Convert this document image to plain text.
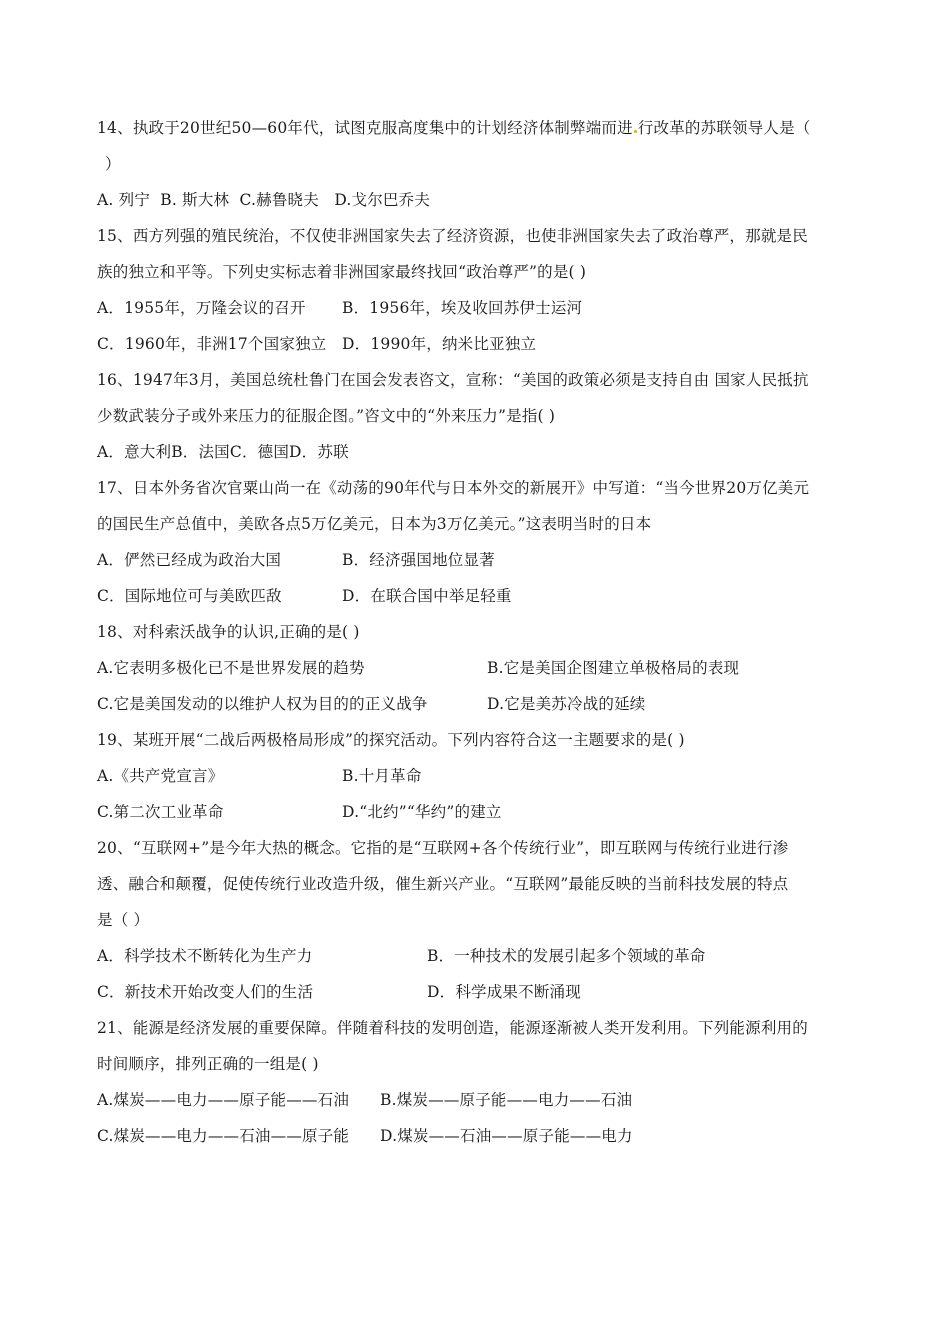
14、执政于20世纪50—60年代，试图克服高度集中的计划经济体制弊端而进 行改革的苏联领导人是（
）
A. 列宁  B. 斯大林  C.赫鲁晓夫   D.戈尔巴乔夫
15、西方列强的殖民统治，不仅使非洲国家失去了经济资源，也使非洲国家失去了政治尊严，那就是民
族的独立和平等。下列史实标志着非洲国家最终找回“政治尊严”的是( )
A．1955年，万隆会议的召开 B．1956年，埃及收回苏伊士运河
C．1960年，非洲17个国家独立 D．1990年，纳米比亚独立
16、1947年3月，美国总统杜鲁门在国会发表咨文，宣称：“美国的政策必须是支持自由 国家人民抵抗
少数武装分子或外来压力的征服企图。”咨文中的“外来压力”是指( )
A．意大利B．法国C．德国D．苏联
17、日本外务省次官粟山尚一在《动荡的90年代与日本外交的新展开》中写道：“当今世界20万亿美元
的国民生产总值中，美欧各点5万亿美元，日本为3万亿美元。”这表明当时的日本
A．俨然已经成为政治大国	B．经济强国地位显著
C．国际地位可与美欧匹敌	D．在联合国中举足轻重
18、对科索沃战争的认识,正确的是( )
A.它表明多极化已不是世界发展的趋势	B.它是美国企图建立单极格局的表现
C.它是美国发动的以维护人权为目的的正义战争	D.它是美苏冷战的延续
19、某班开展“二战后两极格局形成”的探究活动。下列内容符合这一主题要求的是( )
A.《共产党宣言》	B.十月革命
C.第二次工业革命	D.“北约”“华约”的建立
20、“互联网+”是今年大热的概念。它指的是“互联网+各个传统行业”，即互联网与传统行业进行渗
透、融合和颠覆，促使传统行业改造升级，催生新兴产业。“互联网”最能反映的当前科技发展的特点
是（ ）
A．科学技术不断转化为生产力	B．一种技术的发展引起多个领域的革命
C．新技术开始改变人们的生活	D．科学成果不断涌现
21、能源是经济发展的重要保障。伴随着科技的发明创造，能源逐渐被人类开发利用。下列能源利用的
时间顺序，排列正确的一组是( )
A.煤炭——电力——原子能——石油 B.煤炭——原子能——电力——石油
C.煤炭——电力——石油——原子能 D.煤炭——石油——原子能——电力
